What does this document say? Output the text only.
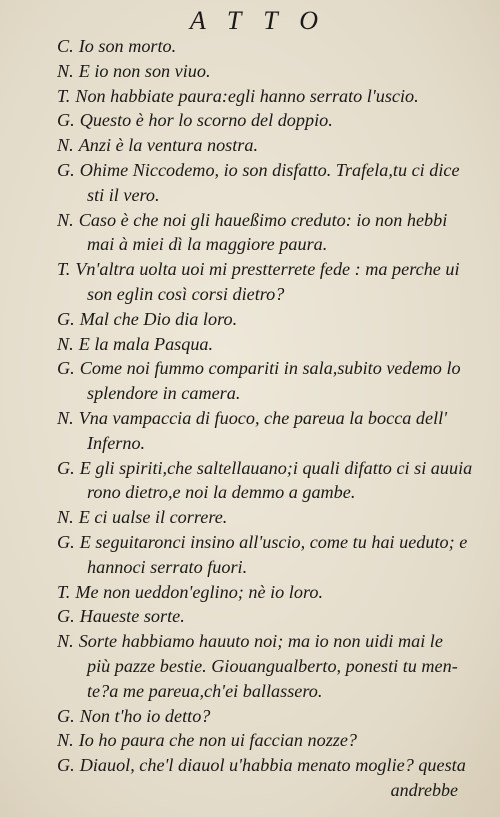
ATTO
C. Io son morto.
N. E io non son viuo.
T. Non habbiate paura:egli hanno serrato l'uscio.
G. Questo è hor lo scorno del doppio.
N. Anzi è la ventura nostra.
G. Ohime Niccodemo, io son disfatto. Trafela,tu ci dice
sti il vero.
N. Caso è che noi gli haueßimo creduto: io non hebbi
mai à miei dì la maggiore paura.
T. Vn'altra uolta uoi mi prestterrete fede : ma perche ui
son eglin così corsi dietro?
G. Mal che Dio dia loro.
N. E la mala Pasqua.
G. Come noi fummo compariti in sala,subito vedemo lo
splendore in camera.
N. Vna vampaccia di fuoco, che pareua la bocca dell'
Inferno.
G. E gli spiriti,che saltellauano;i quali difatto ci si auuia
rono dietro,e noi la demmo a gambe.
N. E ci ualse il correre.
G. E seguitaronci insino all'uscio, come tu hai ueduto; e
hannoci serrato fuori.
T. Me non ueddon'eglino; nè io loro.
G. Haueste sorte.
N. Sorte habbiamo hauuto noi; ma io non uidi mai le
più pazze bestie. Giouangualberto, ponesti tu men-
te?a me pareua,ch'ei ballassero.
G. Non t'ho io detto?
N. Io ho paura che non ui faccian nozze?
G. Diauol, che'l diauol u'habbia menato moglie? questa
andrebbe
